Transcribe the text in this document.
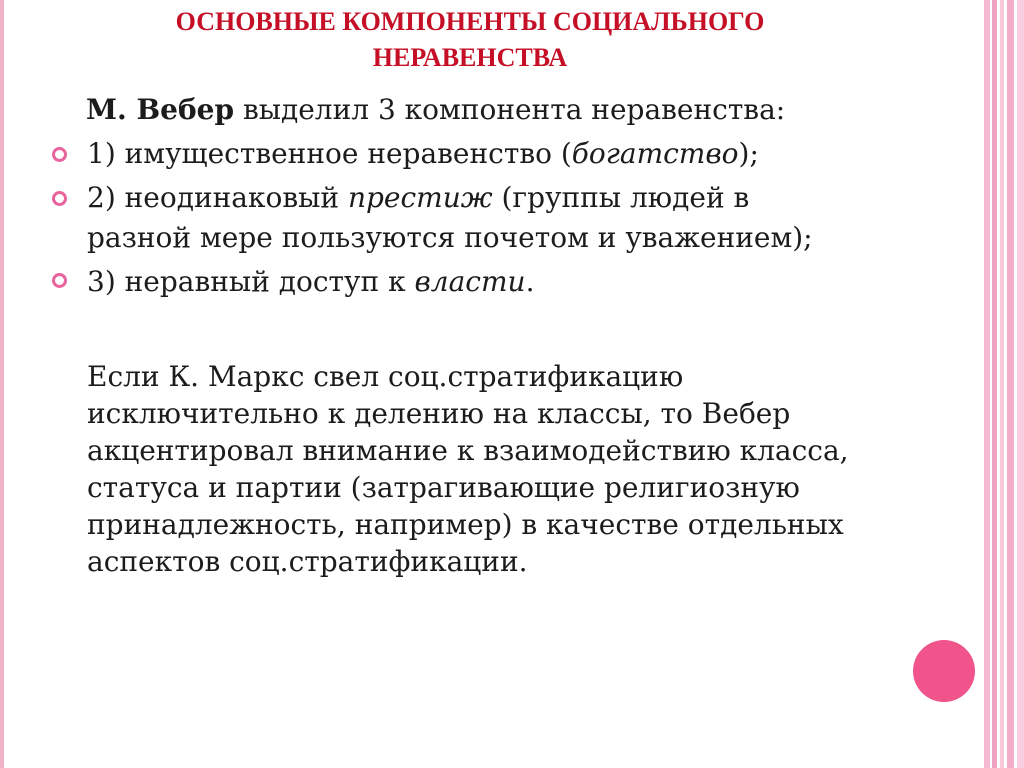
ОСНОВНЫЕ КОМПОНЕНТЫ СОЦИАЛЬНОГО
НЕРАВЕНСТВА
М. Вебер выделил 3 компонента неравенства:
1) имущественное неравенство (богатство);
2) неодинаковый престиж (группы людей в
разной мере пользуются почетом и уважением);
3) неравный доступ к власти.
Если К. Маркс свел соц.стратификацию
исключительно к делению на классы, то Вебер
акцентировал внимание к взаимодействию класса,
статуса и партии (затрагивающие религиозную
принадлежность, например) в качестве отдельных
аспектов соц.стратификации.
